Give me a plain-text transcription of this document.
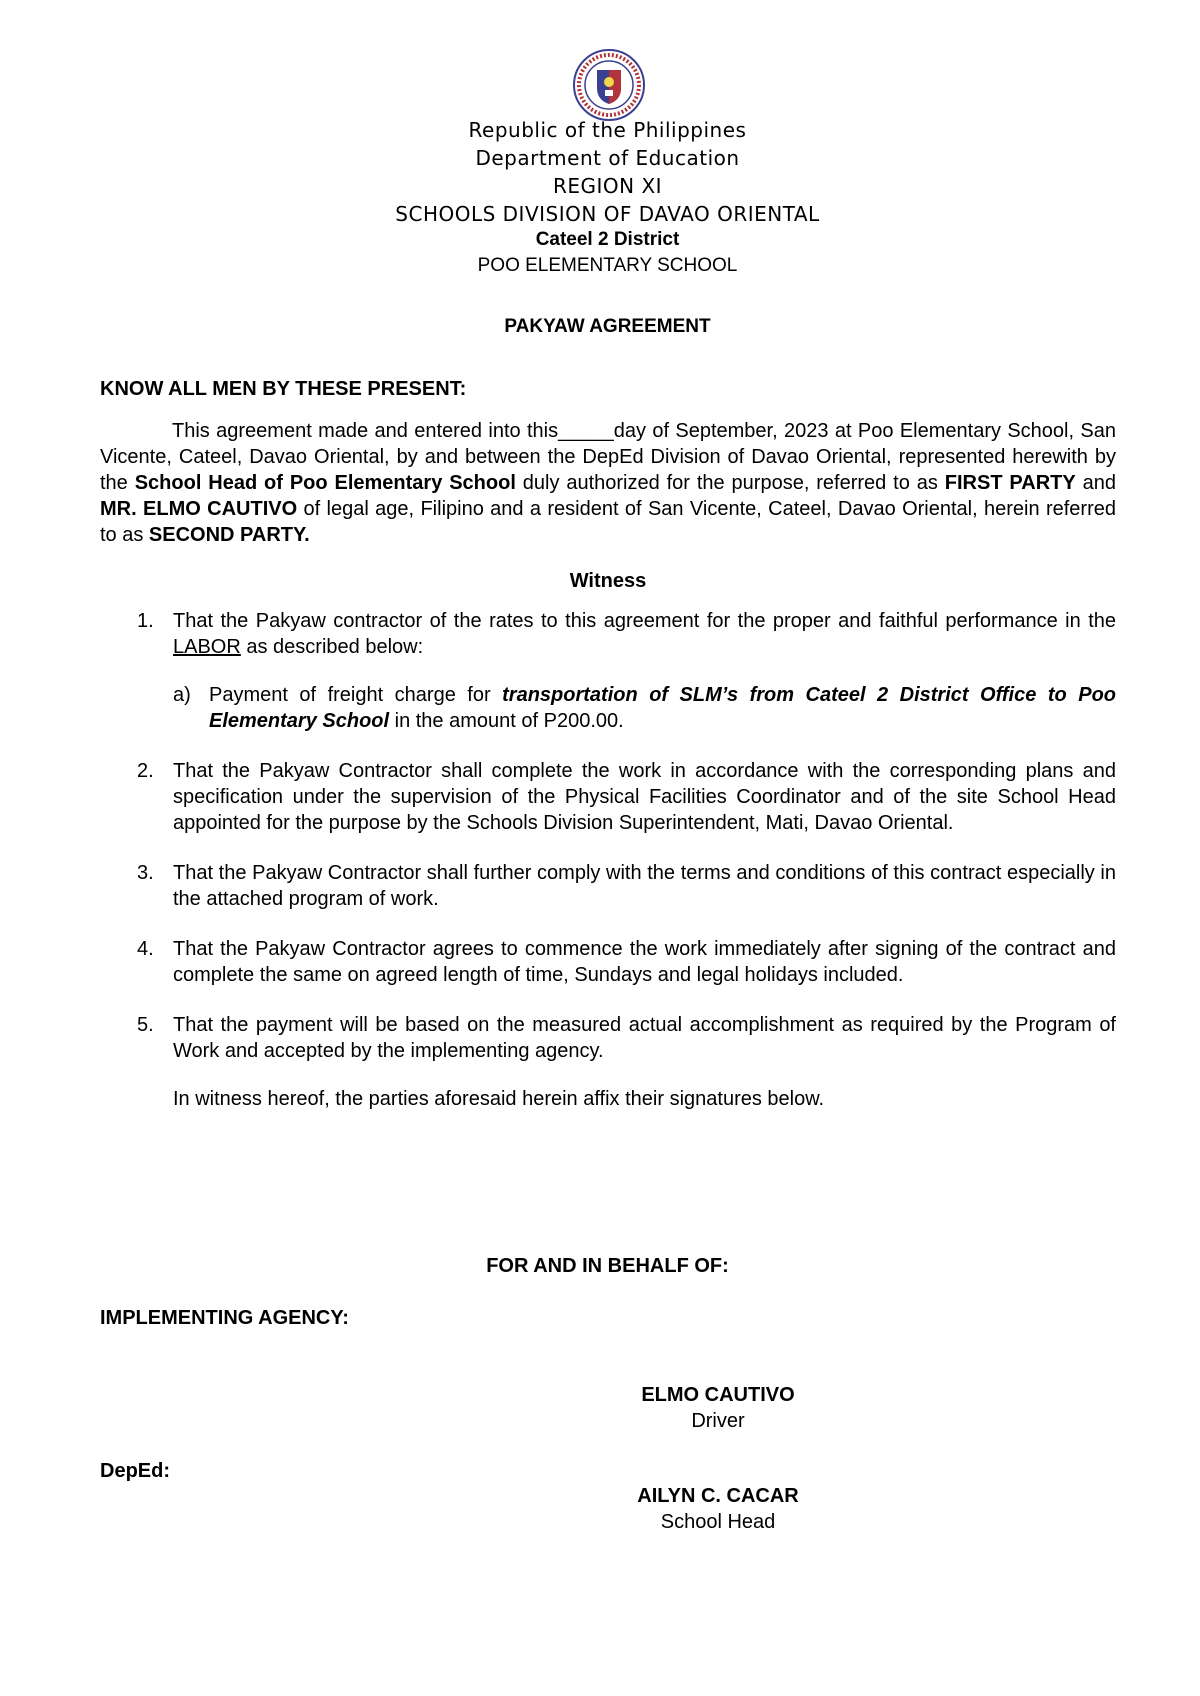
Republic of the Philippines
Department of Education
REGION XI
SCHOOLS DIVISION OF DAVAO ORIENTAL
Cateel 2 District
POO ELEMENTARY SCHOOL
PAKYAW AGREEMENT
KNOW ALL MEN BY THESE PRESENT:
This agreement made and entered into this_____day of September, 2023 at Poo Elementary School, San Vicente, Cateel, Davao Oriental, by and between the DepEd Division of Davao Oriental, represented herewith by the School Head of Poo Elementary School duly authorized for the purpose, referred to as FIRST PARTY and MR. ELMO CAUTIVO of legal age, Filipino and a resident of San Vicente, Cateel, Davao Oriental, herein referred to as SECOND PARTY.
Witness
1. That the Pakyaw contractor of the rates to this agreement for the proper and faithful performance in the LABOR as described below:
a) Payment of freight charge for transportation of SLM’s from Cateel 2 District Office to Poo Elementary School in the amount of P200.00.
2. That the Pakyaw Contractor shall complete the work in accordance with the corresponding plans and specification under the supervision of the Physical Facilities Coordinator and of the site School Head appointed for the purpose by the Schools Division Superintendent, Mati, Davao Oriental.
3. That the Pakyaw Contractor shall further comply with the terms and conditions of this contract especially in the attached program of work.
4. That the Pakyaw Contractor agrees to commence the work immediately after signing of the contract and complete the same on agreed length of time, Sundays and legal holidays included.
5. That the payment will be based on the measured actual accomplishment as required by the Program of Work and accepted by the implementing agency.
In witness hereof, the parties aforesaid herein affix their signatures below.
FOR AND IN BEHALF OF:
IMPLEMENTING AGENCY:
ELMO CAUTIVO
Driver
DepEd:
AILYN C. CACAR
School Head
